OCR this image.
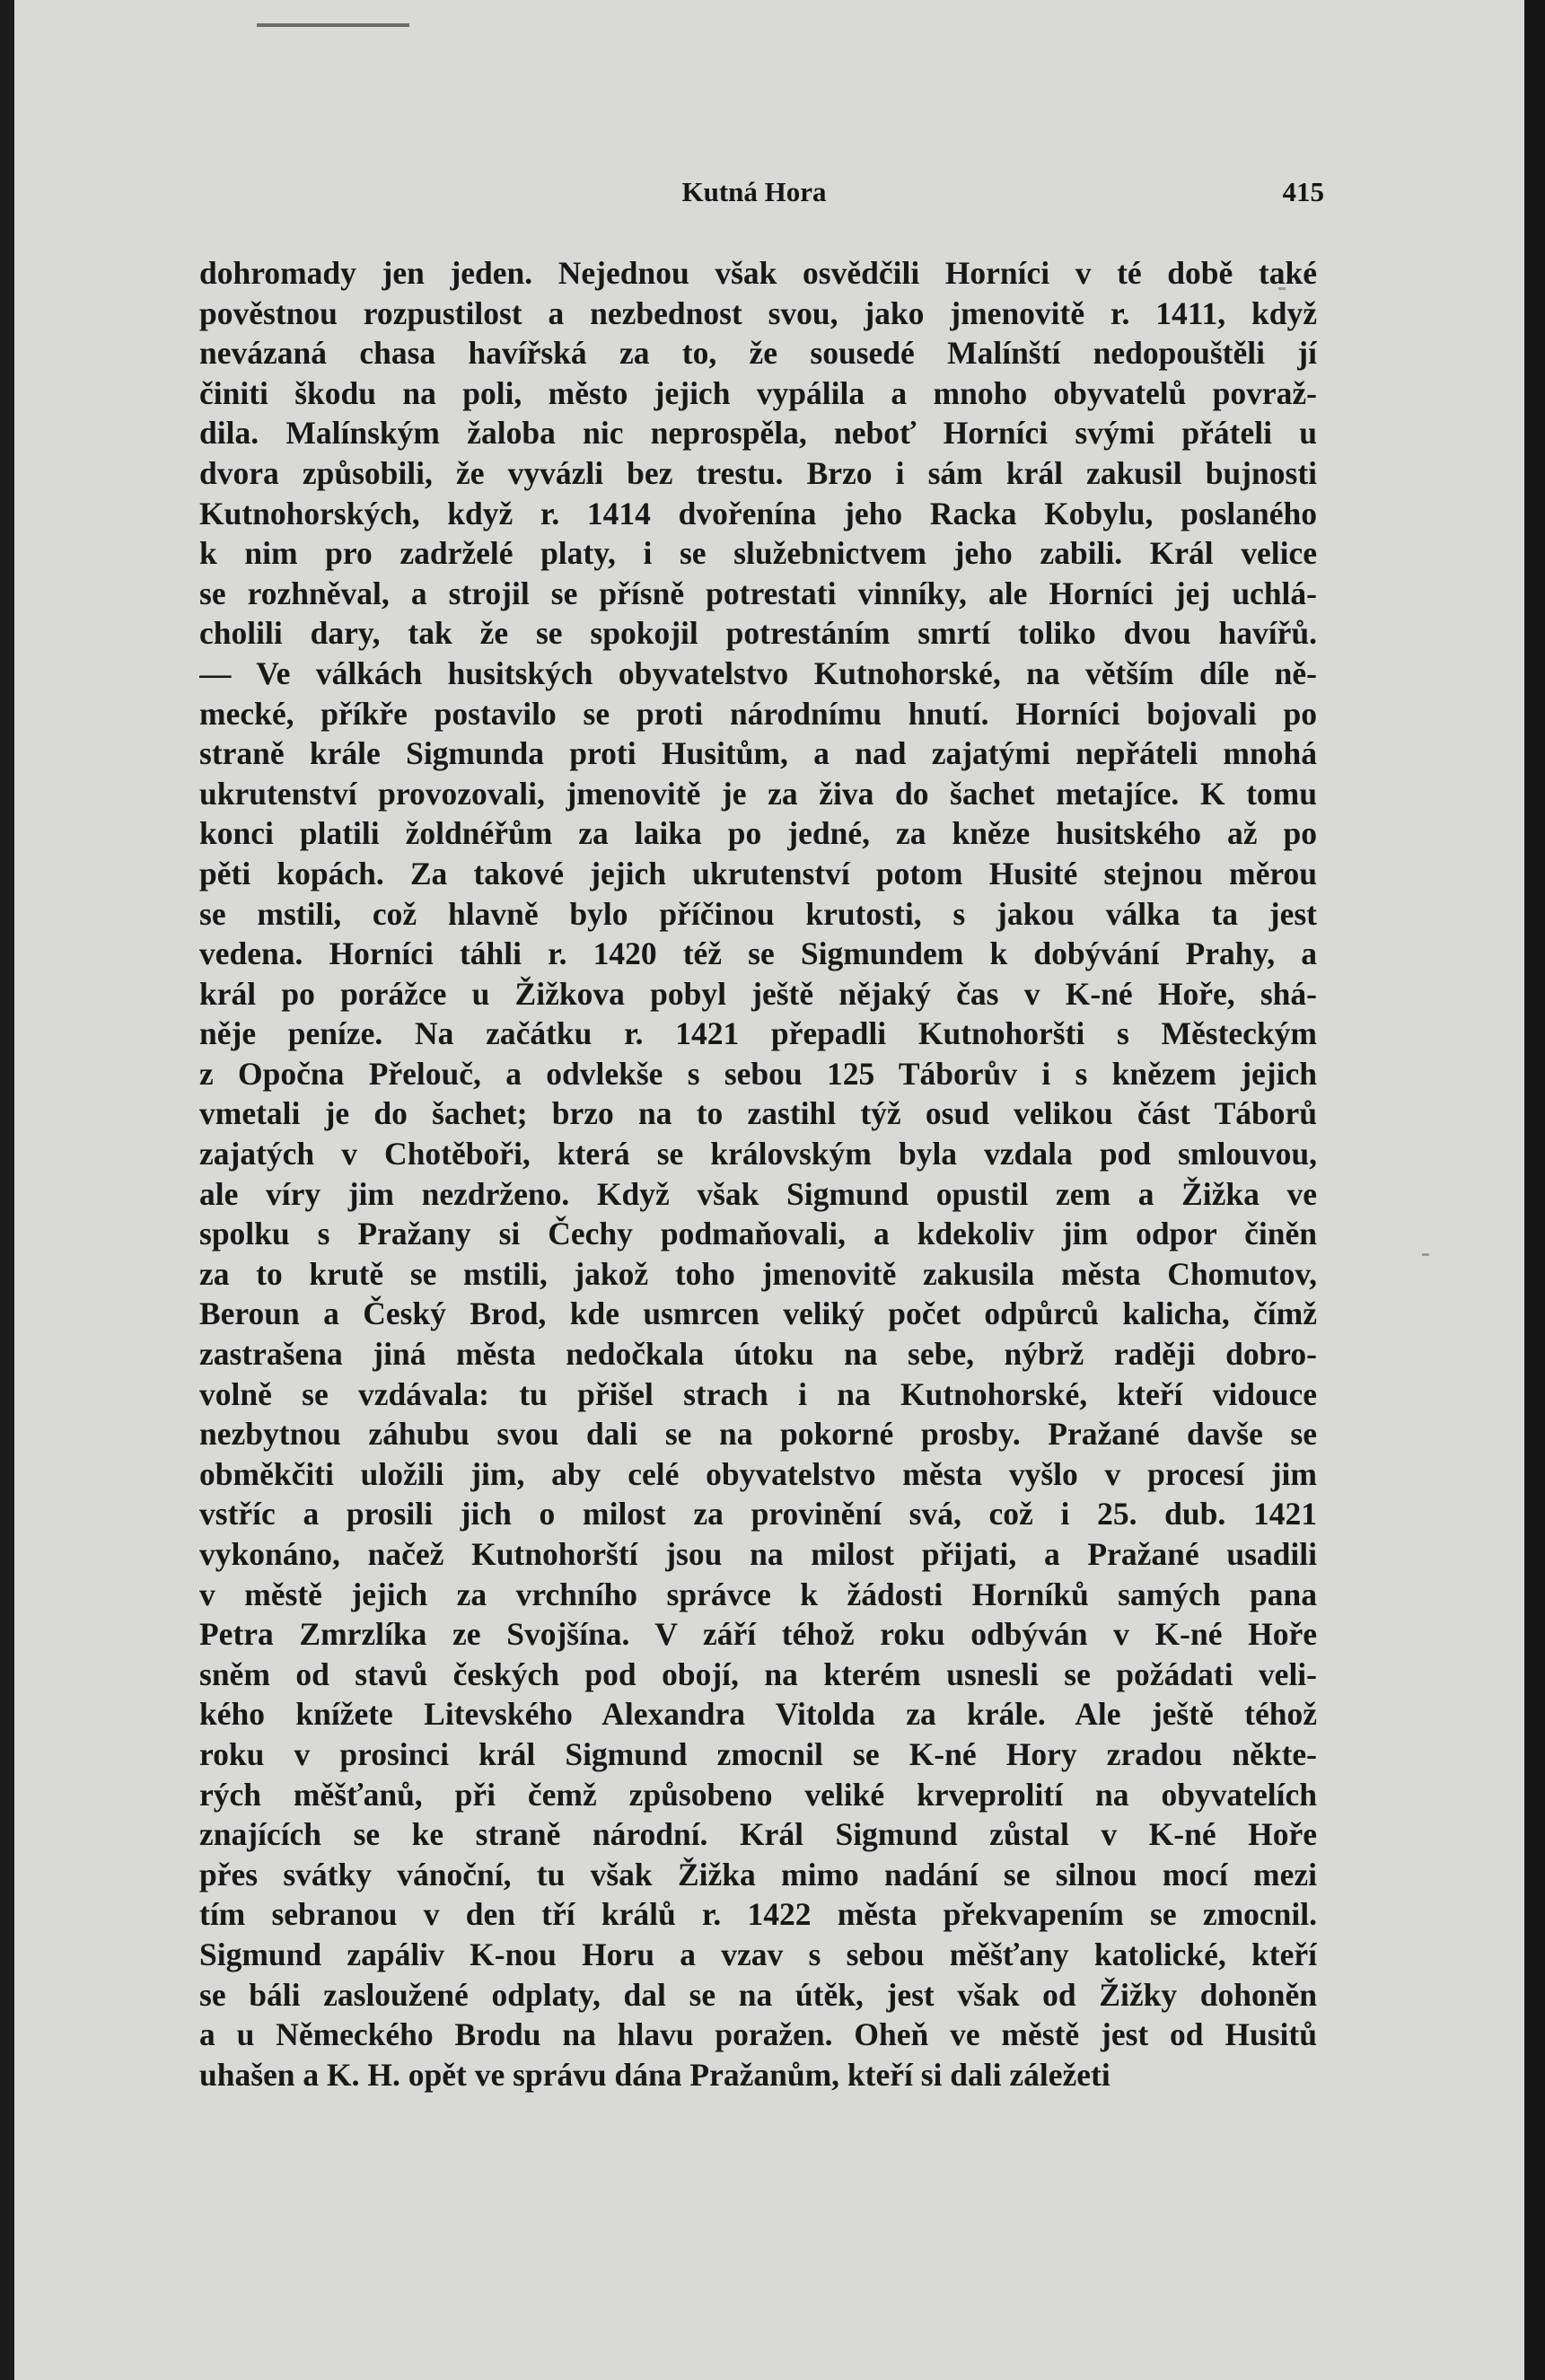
Kutná Hora	415
dohromady jen jeden. Nejednou však osvědčili Horníci v té době také
pověstnou rozpustilost a nezbednost svou, jako jmenovitě r. 1411, když
nevázaná chasa havířská za to, že sousedé Malínští nedopouštěli jí
činiti škodu na poli, město jejich vypálila a mnoho obyvatelů povraž-
dila. Malínským žaloba nic neprospěla, neboť Horníci svými přáteli u
dvora způsobili, že vyvázli bez trestu. Brzo i sám král zakusil bujnosti
Kutnohorských, když r. 1414 dvořenína jeho Racka Kobylu, poslaného
k nim pro zadrželé platy, i se služebnictvem jeho zabili. Král velice
se rozhněval, a strojil se přísně potrestati vinníky, ale Horníci jej uchlá-
cholili dary, tak že se spokojil potrestáním smrtí toliko dvou havířů.
— Ve válkách husitských obyvatelstvo Kutnohorské, na větším díle ně-
mecké, příkře postavilo se proti národnímu hnutí. Horníci bojovali po
straně krále Sigmunda proti Husitům, a nad zajatými nepřáteli mnohá
ukrutenství provozovali, jmenovitě je za živa do šachet metajíce. K tomu
konci platili žoldnéřům za laika po jedné, za kněze husitského až po
pěti kopách. Za takové jejich ukrutenství potom Husité stejnou měrou
se mstili, což hlavně bylo příčinou krutosti, s jakou válka ta jest
vedena. Horníci táhli r. 1420 též se Sigmundem k dobývání Prahy, a
král po porážce u Žižkova pobyl ještě nějaký čas v K-né Hoře, shá-
něje peníze. Na začátku r. 1421 přepadli Kutnohoršti s Městeckým
z Opočna Přelouč, a odvlekše s sebou 125 Táborův i s knězem jejich
vmetali je do šachet; brzo na to zastihl týž osud velikou část Táborů
zajatých v Chotěboři, která se královským byla vzdala pod smlouvou,
ale víry jim nezdrženo. Když však Sigmund opustil zem a Žižka ve
spolku s Pražany si Čechy podmaňovali, a kdekoliv jim odpor činěn
za to krutě se mstili, jakož toho jmenovitě zakusila města Chomutov,
Beroun a Český Brod, kde usmrcen veliký počet odpůrců kalicha, čímž
zastrašena jiná města nedočkala útoku na sebe, nýbrž raději dobro-
volně se vzdávala: tu přišel strach i na Kutnohorské, kteří vidouce
nezbytnou záhubu svou dali se na pokorné prosby. Pražané davše se
obměkčiti uložili jim, aby celé obyvatelstvo města vyšlo v procesí jim
vstříc a prosili jich o milost za provinění svá, což i 25. dub. 1421
vykonáno, načež Kutnohorští jsou na milost přijati, a Pražané usadili
v městě jejich za vrchního správce k žádosti Horníků samých pana
Petra Zmrzlíka ze Svojšína. V září téhož roku odbýván v K-né Hoře
sněm od stavů českých pod obojí, na kterém usnesli se požádati veli-
kého knížete Litevského Alexandra Vitolda za krále. Ale ještě téhož
roku v prosinci král Sigmund zmocnil se K-né Hory zradou někte-
rých měšťanů, při čemž způsobeno veliké krveprolití na obyvatelích
znajících se ke straně národní. Král Sigmund zůstal v K-né Hoře
přes svátky vánoční, tu však Žižka mimo nadání se silnou mocí mezi
tím sebranou v den tří králů r. 1422 města překvapením se zmocnil.
Sigmund zapáliv K-nou Horu a vzav s sebou měšťany katolické, kteří
se báli zasloužené odplaty, dal se na útěk, jest však od Žižky dohoněn
a u Německého Brodu na hlavu poražen. Oheň ve městě jest od Husitů
uhašen a K. H. opět ve správu dána Pražanům, kteří si dali záležeti
